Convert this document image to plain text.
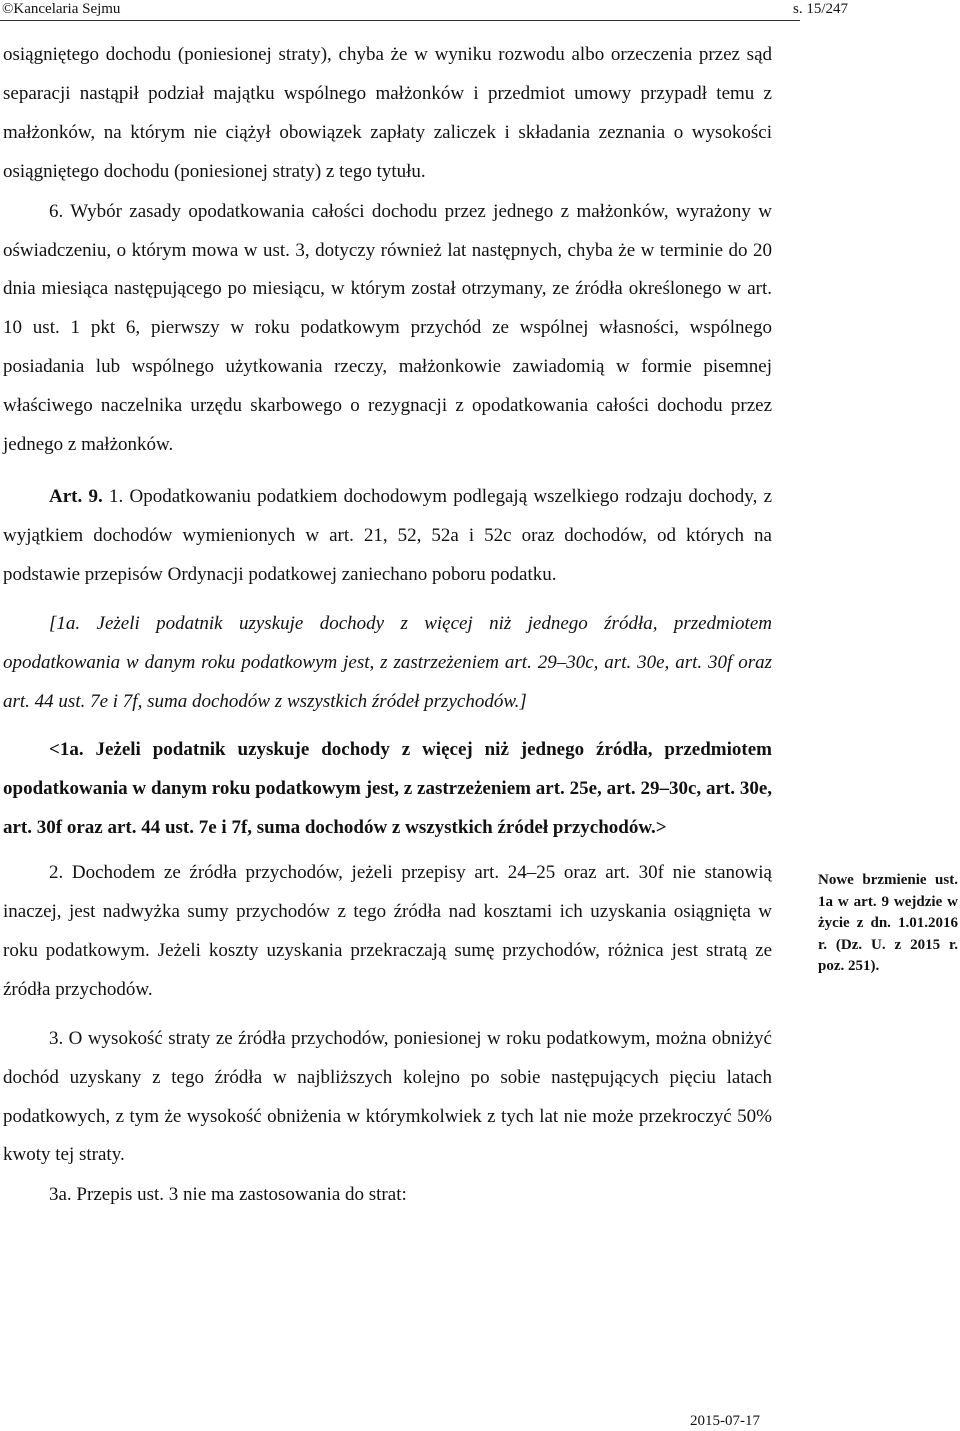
©Kancelaria Sejmu	s. 15/247

osiągniętego dochodu (poniesionej straty), chyba że w wyniku rozwodu albo orzeczenia przez sąd separacji nastąpił podział majątku wspólnego małżonków i przedmiot umowy przypadł temu z małżonków, na którym nie ciążył obowiązek zapłaty zaliczek i składania zeznania o wysokości osiągniętego dochodu (poniesionej straty) z tego tytułu.

6. Wybór zasady opodatkowania całości dochodu przez jednego z małżonków, wyrażony w oświadczeniu, o którym mowa w ust. 3, dotyczy również lat następnych, chyba że w terminie do 20 dnia miesiąca następującego po miesiącu, w którym został otrzymany, ze źródła określonego w art. 10 ust. 1 pkt 6, pierwszy w roku podatkowym przychód ze wspólnej własności, wspólnego posiadania lub wspólnego użytkowania rzeczy, małżonkowie zawiadomią w formie pisemnej właściwego naczelnika urzędu skarbowego o rezygnacji z opodatkowania całości dochodu przez jednego z małżonków.

Art. 9. 1. Opodatkowaniu podatkiem dochodowym podlegają wszelkiego rodzaju dochody, z wyjątkiem dochodów wymienionych w art. 21, 52, 52a i 52c oraz dochodów, od których na podstawie przepisów Ordynacji podatkowej zaniechano poboru podatku.

[1a. Jeżeli podatnik uzyskuje dochody z więcej niż jednego źródła, przedmiotem opodatkowania w danym roku podatkowym jest, z zastrzeżeniem art. 29–30c, art. 30e, art. 30f oraz art. 44 ust. 7e i 7f, suma dochodów z wszystkich źródeł przychodów.]

<1a. Jeżeli podatnik uzyskuje dochody z więcej niż jednego źródła, przedmiotem opodatkowania w danym roku podatkowym jest, z zastrzeżeniem art. 25e, art. 29–30c, art. 30e, art. 30f oraz art. 44 ust. 7e i 7f, suma dochodów z wszystkich źródeł przychodów.>

2. Dochodem ze źródła przychodów, jeżeli przepisy art. 24–25 oraz art. 30f nie stanowią inaczej, jest nadwyżka sumy przychodów z tego źródła nad kosztami ich uzyskania osiągnięta w roku podatkowym. Jeżeli koszty uzyskania przekraczają sumę przychodów, różnica jest stratą ze źródła przychodów.

3. O wysokość straty ze źródła przychodów, poniesionej w roku podatkowym, można obniżyć dochód uzyskany z tego źródła w najbliższych kolejno po sobie następujących pięciu latach podatkowych, z tym że wysokość obniżenia w którymkolwiek z tych lat nie może przekroczyć 50% kwoty tej straty.

3a. Przepis ust. 3 nie ma zastosowania do strat:

Nowe brzmienie ust. 1a w art. 9 wejdzie w życie z dn. 1.01.2016 r. (Dz. U. z 2015 r. poz. 251).
2015-07-17
